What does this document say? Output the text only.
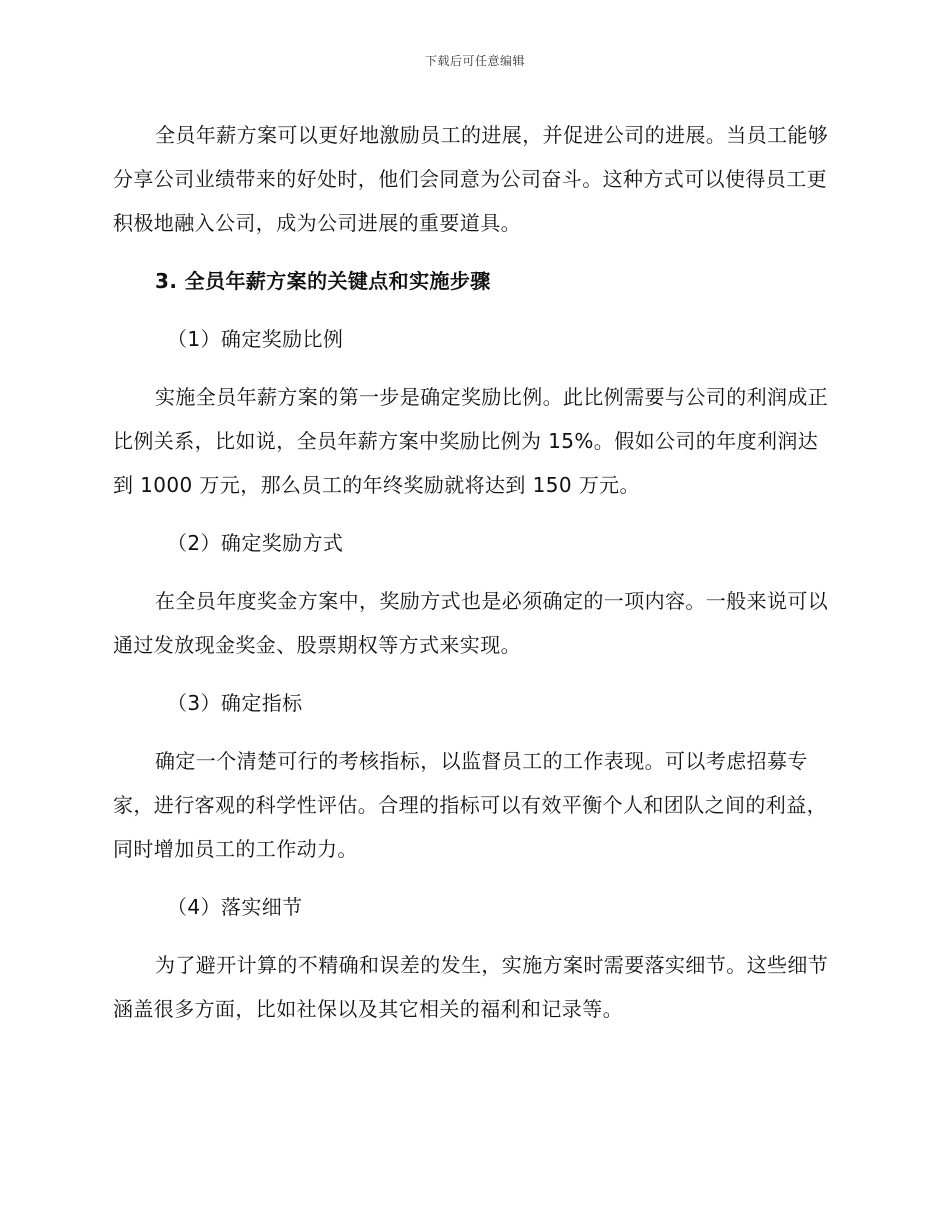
下载后可任意编辑

全员年薪方案可以更好地激励员工的进展，并促进公司的进展。当员工能够分享公司业绩带来的好处时，他们会同意为公司奋斗。这种方式可以使得员工更积极地融入公司，成为公司进展的重要道具。

3. 全员年薪方案的关键点和实施步骤

（1）确定奖励比例

实施全员年薪方案的第一步是确定奖励比例。此比例需要与公司的利润成正比例关系，比如说，全员年薪方案中奖励比例为 15%。假如公司的年度利润达到 1000 万元，那么员工的年终奖励就将达到 150 万元。

（2）确定奖励方式

在全员年度奖金方案中，奖励方式也是必须确定的一项内容。一般来说可以通过发放现金奖金、股票期权等方式来实现。

（3）确定指标

确定一个清楚可行的考核指标，以监督员工的工作表现。可以考虑招募专家，进行客观的科学性评估。合理的指标可以有效平衡个人和团队之间的利益，同时增加员工的工作动力。

（4）落实细节

为了避开计算的不精确和误差的发生，实施方案时需要落实细节。这些细节涵盖很多方面，比如社保以及其它相关的福利和记录等。
